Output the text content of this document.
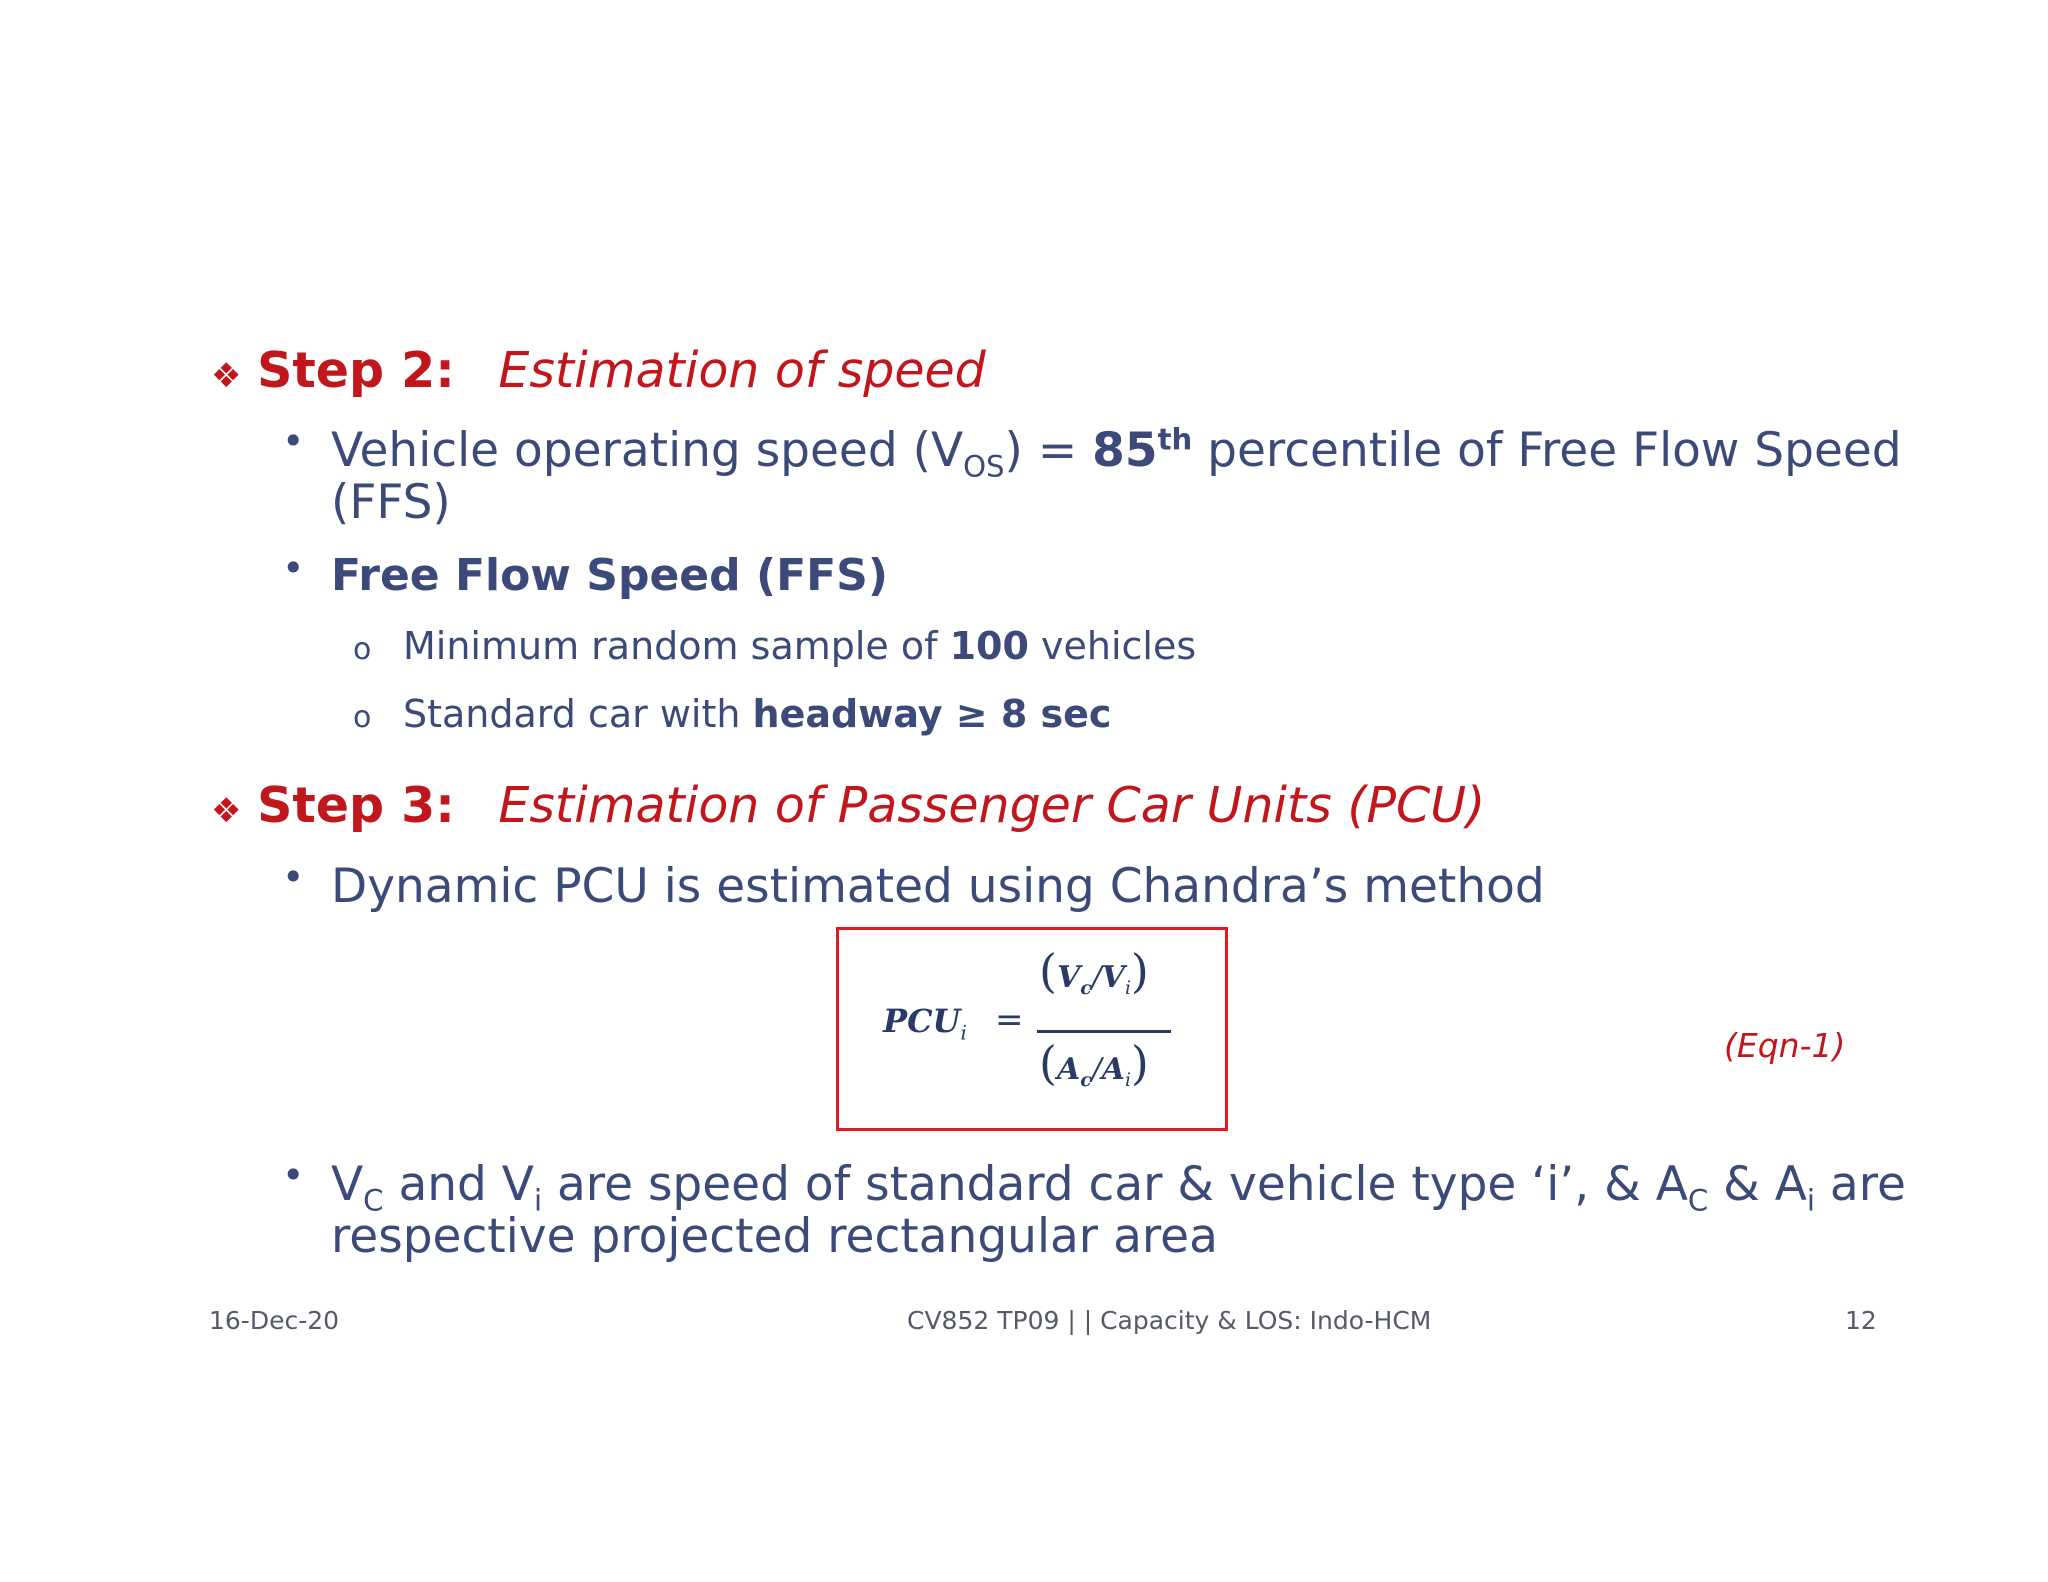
❖ Step 2: Estimation of speed
• Vehicle operating speed $(V_{OS}) = 85th$ percentile of Free Flow Speed
(FFS)
• Free Flow Speed (FFS)
o Minimum random sample of 100 vehicles
o Standard car with headway ≥ 8 sec
❖ Step 3: Estimation of Passenger Car Units (PCU)
• Dynamic PCU is estimated using Chandra’s method
$PCU_i$ =
$(V_c/V_i)$
$(A_c/A_i)$	(Eqn-1)
• $V_C$ and $V_i$ are speed of standard car & vehicle type ‘i’, & $A_C$ & $A_i$ are
respective projected rectangular area
16-Dec-20	CV852 TP09 | | Capacity & LOS: Indo-HCM	12
